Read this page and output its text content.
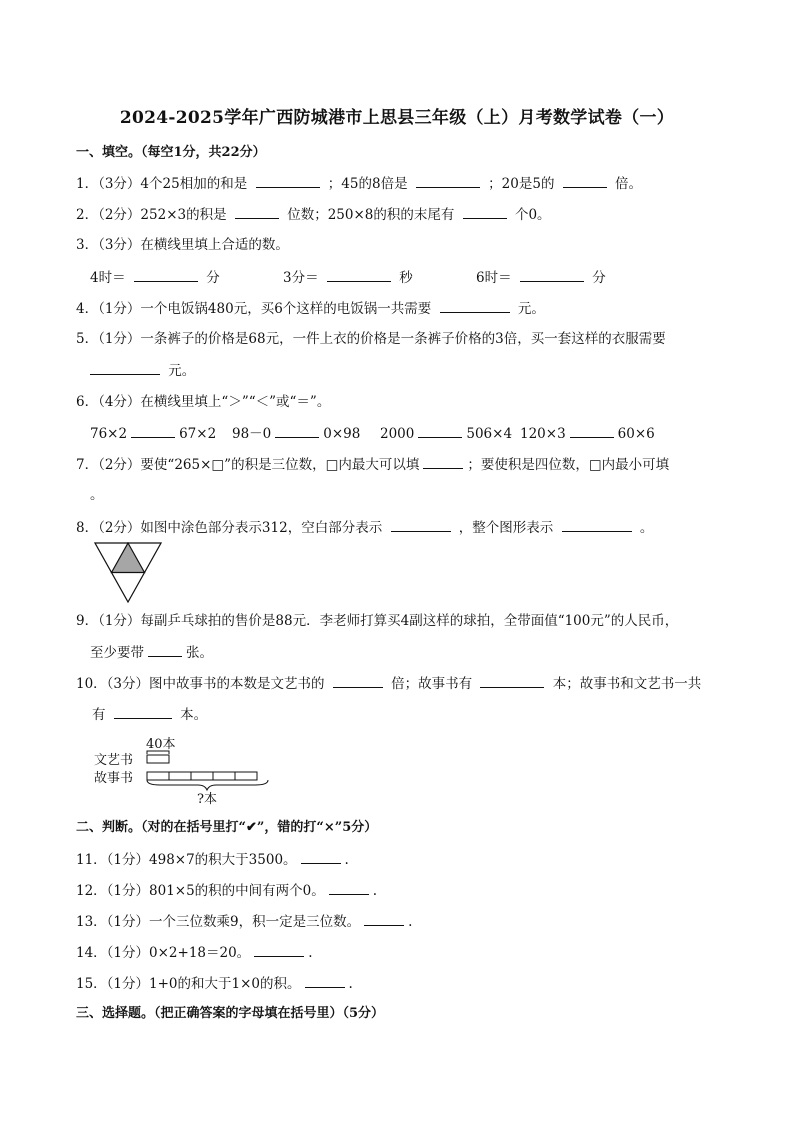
2024-2025学年广西防城港市上思县三年级（上）月考数学试卷（一）
一、填空。（每空1分，共22分）
1．（3分）4个25相加的和是	；45的8倍是	；20是5的	倍。
2．（2分）252×3的积是	位数；250×8的积的末尾有	个0。
3．（3分）在横线里填上合适的数。
4时＝	分	3分＝	秒	6时＝	分
4．（1分）一个电饭锅480元，买6个这样的电饭锅一共需要	元。
5．（1分）一条裤子的价格是68元，一件上衣的价格是一条裤子价格的3倍，买一套这样的衣服需要
元。
6．（4分）在横线里填上“＞”“＜”或“＝”。
76×2	67×2 98－0	0×98 2000	506×4 120×3	60×6
7．（2分）要使“265×□”的积是三位数，□内最大可以填	；要使积是四位数，□内最小可填
。
8．（2分）如图中涂色部分表示312，空白部分表示	，整个图形表示	。
9．（1分）每副乒乓球拍的售价是88元．李老师打算买4副这样的球拍，全带面值“100元”的人民币，
至少要带	张。
10．（3分）图中故事书的本数是文艺书的	倍；故事书有	本；故事书和文艺书一共
有	本。
40本
文艺书
故事书
?本
二、判断。（对的在括号里打“✔”，错的打“×”5分）
11．（1分）498×7的积大于3500。	.
12．（1分）801×5的积的中间有两个0。	.
13．（1分）一个三位数乘9，积一定是三位数。	.
14．（1分）0×2+18＝20。	.
15．（1分）1+0的和大于1×0的积。	.
三、选择题。（把正确答案的字母填在括号里）（5分）
